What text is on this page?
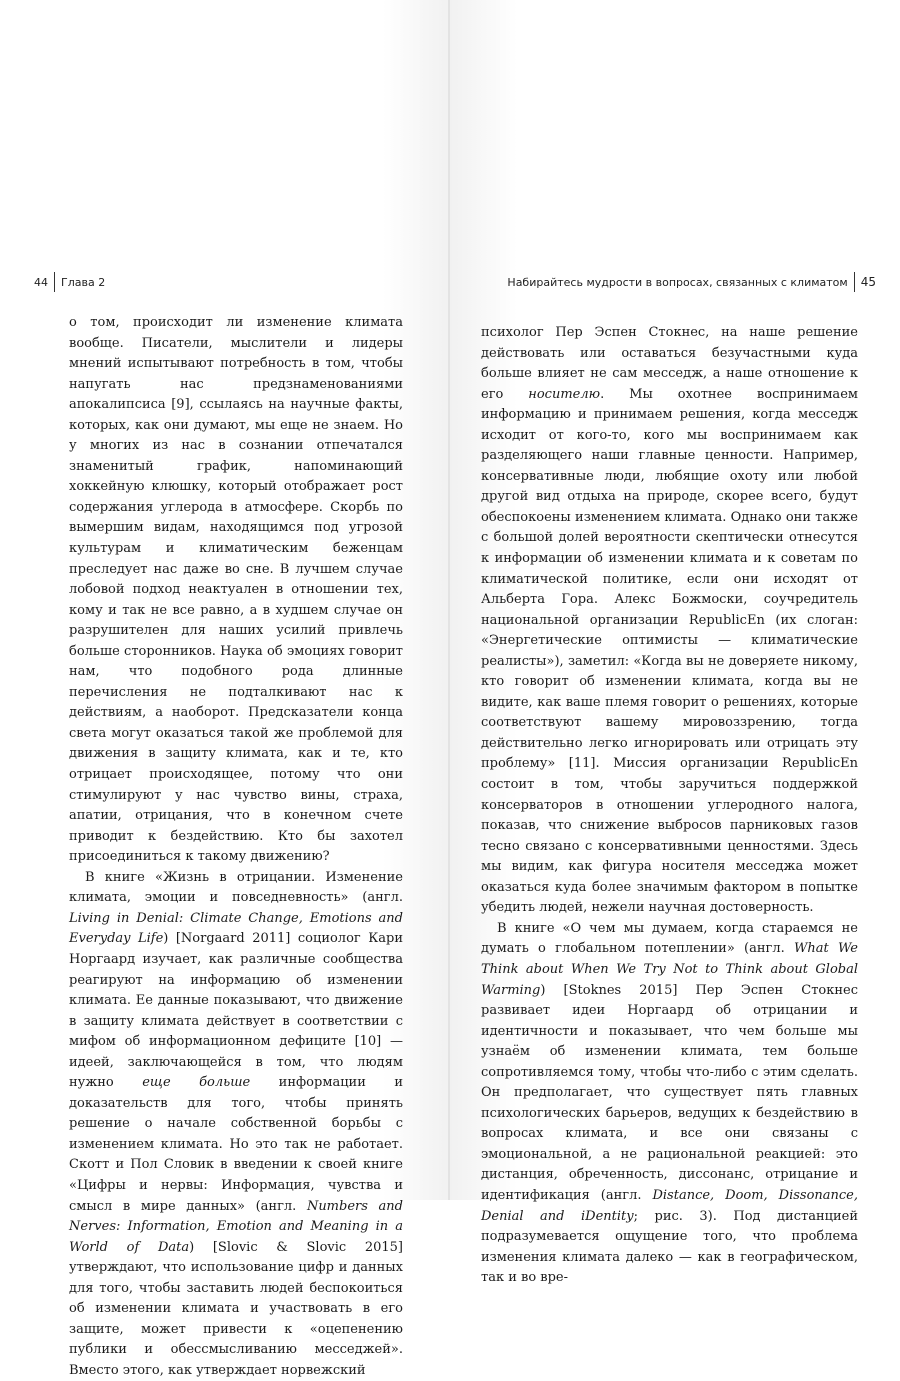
44 Глава 2

о том, происходит ли изменение климата вообще. Писатели, мыслители и лидеры мнений испытывают потребность в том, чтобы напугать нас предзнаменованиями апокалипсиса [9], ссылаясь на научные факты, которых, как они думают, мы еще не знаем. Но у многих из нас в сознании отпечатался знаменитый график, напоминающий хоккейную клюшку, который отображает рост содержания углерода в атмосфере. Скорбь по вымершим видам, находящимся под угрозой культурам и климатическим беженцам преследует нас даже во сне. В лучшем случае лобовой подход неактуален в отношении тех, кому и так не все равно, а в худшем случае он разрушителен для наших усилий привлечь больше сторонников. Наука об эмоциях говорит нам, что подобного рода длинные перечисления не подталкивают нас к действиям, а наоборот. Предсказатели конца света могут оказаться такой же проблемой для движения в защиту климата, как и те, кто отрицает происходящее, потому что они стимулируют у нас чувство вины, страха, апатии, отрицания, что в конечном счете приводит к бездействию. Кто бы захотел присоединиться к такому движению?

В книге «Жизнь в отрицании. Изменение климата, эмоции и повседневность» (англ. Living in Denial: Climate Change, Emotions and Everyday Life) [Norgaard 2011] социолог Кари Норгаард изучает, как различные сообщества реагируют на информацию об изменении климата. Ее данные показывают, что движение в защиту климата действует в соответствии с мифом об информационном дефиците [10] — идеей, заключающейся в том, что людям нужно еще больше информации и доказательств для того, чтобы принять решение о начале собственной борьбы с изменением климата. Но это так не работает. Скотт и Пол Словик в введении к своей книге «Цифры и нервы: Информация, чувства и смысл в мире данных» (англ. Numbers and Nerves: Information, Emotion and Meaning in a World of Data) [Slovic & Slovic 2015] утверждают, что использование цифр и данных для того, чтобы заставить людей беспокоиться об изменении климата и участвовать в его защите, может привести к «оцепенению публики и обессмысливанию месседжей». Вместо этого, как утверждает норвежский

Набирайтесь мудрости в вопросах, связанных с климатом 45

психолог Пер Эспен Стокнес, на наше решение действовать или оставаться безучастными куда больше влияет не сам месседж, а наше отношение к его носителю. Мы охотнее воспринимаем информацию и принимаем решения, когда месседж исходит от кого-то, кого мы воспринимаем как разделяющего наши главные ценности. Например, консервативные люди, любящие охоту или любой другой вид отдыха на природе, скорее всего, будут обеспокоены изменением климата. Однако они также с большой долей вероятности скептически отнесутся к информации об изменении климата и к советам по климатической политике, если они исходят от Альберта Гора. Алекс Божмоски, соучредитель национальной организации RepublicEn (их слоган: «Энергетические оптимисты — климатические реалисты»), заметил: «Когда вы не доверяете никому, кто говорит об изменении климата, когда вы не видите, как ваше племя говорит о решениях, которые соответствуют вашему мировоззрению, тогда действительно легко игнорировать или отрицать эту проблему» [11]. Миссия организации RepublicEn состоит в том, чтобы заручиться поддержкой консерваторов в отношении углеродного налога, показав, что снижение выбросов парниковых газов тесно связано с консервативными ценностями. Здесь мы видим, как фигура носителя месседжа может оказаться куда более значимым фактором в попытке убедить людей, нежели научная достоверность.

В книге «О чем мы думаем, когда стараемся не думать о глобальном потеплении» (англ. What We Think about When We Try Not to Think about Global Warming) [Stoknes 2015] Пер Эспен Стокнес развивает идеи Норгаард об отрицании и идентичности и показывает, что чем больше мы узнаём об изменении климата, тем больше сопротивляемся тому, чтобы что-либо с этим сделать. Он предполагает, что существует пять главных психологических барьеров, ведущих к бездействию в вопросах климата, и все они связаны с эмоциональной, а не рациональной реакцией: это дистанция, обреченность, диссонанс, отрицание и идентификация (англ. Distance, Doom, Dissonance, Denial and iDentity; рис. 3). Под дистанцией подразумевается ощущение того, что проблема изменения климата далеко — как в географическом, так и во вре-
